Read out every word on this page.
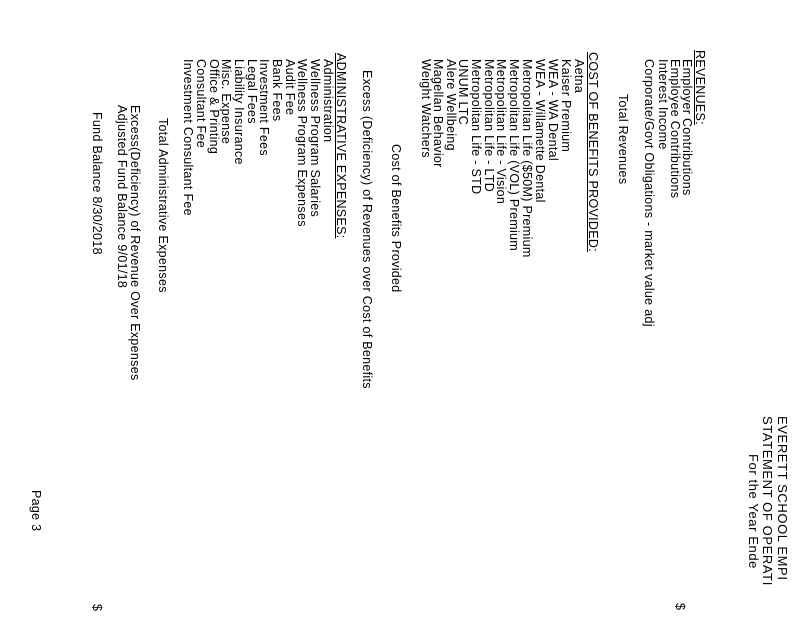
EVERETT SCHOOL EMPI
STATEMENT OF OPERATI
For the Year Ende
REVENUES:
Employer Contributions
Employee Contributions
Interest Income
Corporate/Govt Obligations - market value adj
Total Revenues
$
COST OF BENEFITS PROVIDED:
Aetna
Kaiser Premium
WEA - WA Dental
WEA - Willamette Dental
Metropolitan Life ($50M) Premium
Metropolitan Life (VOL) Premium
Metropolitan Life - Vision
Metropolitan Life - LTD
Metropolitan Life - STD
UNUM LTC
Alere Wellbeing
Magellan Behavior
Weight Watchers
Cost of Benefits Provided
Excess (Deficiency) of Revenues over Cost of Benefits
ADMINISTRATIVE EXPENSES:
Administration
Wellness Program Salaries
Wellness Program Expenses
Audit Fee
Bank Fees
Investment Fees
Legal Fees
Liability Insurance
Misc. Expense
Office & Printing
Consultant Fee
Investment Consultant Fee
Total Administrative Expenses
Excess(Deficiency) of Revenue Over Expenses
Adjusted Fund Balance 9/01/18
Fund Balance 8/30/2018
$
Page 3
